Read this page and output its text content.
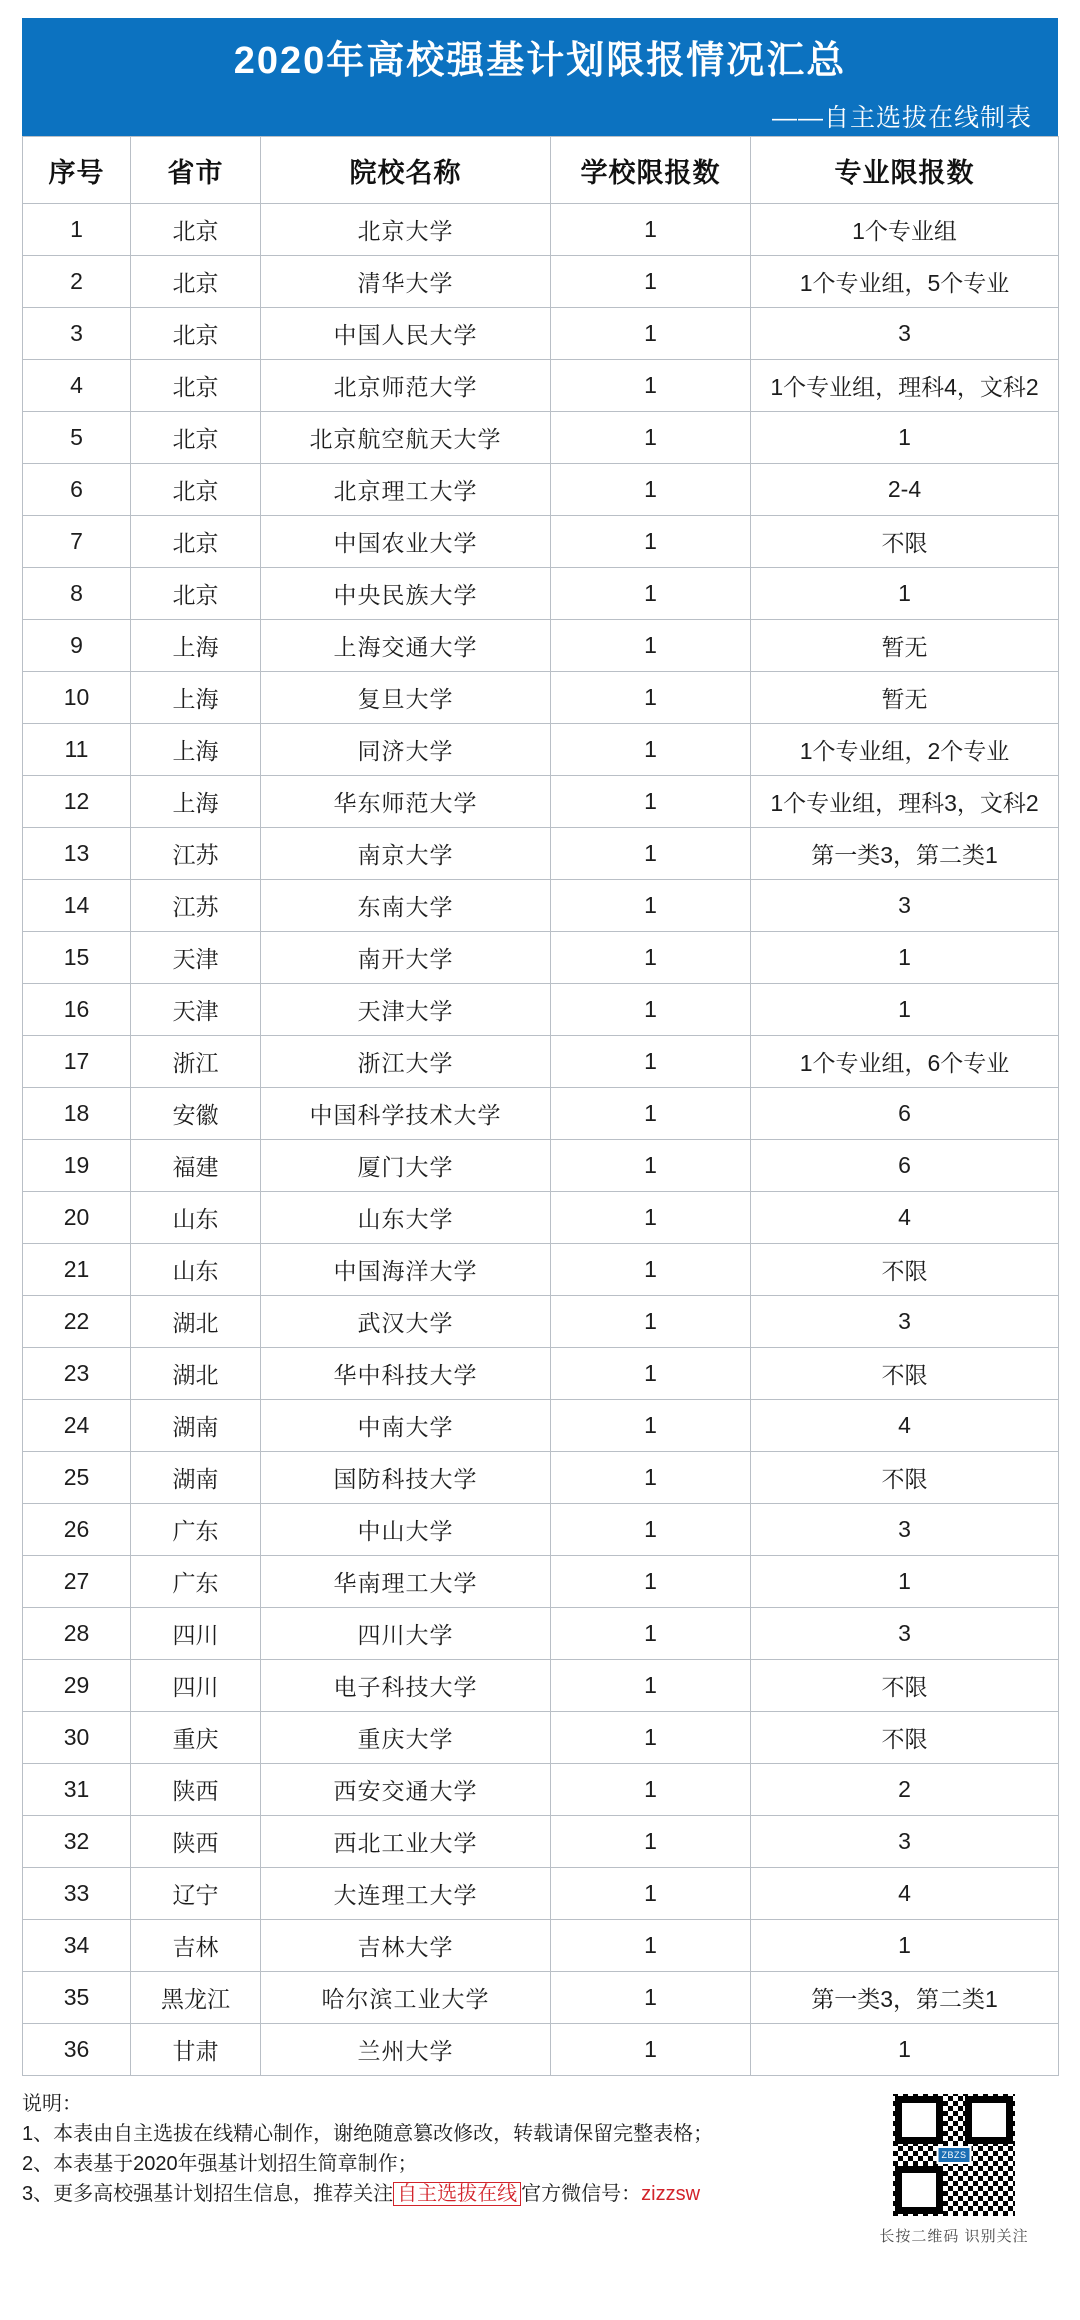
2020年高校强基计划限报情况汇总
——自主选拔在线制表
序号	省市	院校名称	学校限报数	专业限报数
1	北京	北京大学	1	1个专业组
2	北京	清华大学	1	1个专业组，5个专业
3	北京	中国人民大学	1	3
4	北京	北京师范大学	1	1个专业组，理科4，文科2
5	北京	北京航空航天大学	1	1
6	北京	北京理工大学	1	2-4
7	北京	中国农业大学	1	不限
8	北京	中央民族大学	1	1
9	上海	上海交通大学	1	暂无
10	上海	复旦大学	1	暂无
11	上海	同济大学	1	1个专业组，2个专业
12	上海	华东师范大学	1	1个专业组，理科3，文科2
13	江苏	南京大学	1	第一类3，第二类1
14	江苏	东南大学	1	3
15	天津	南开大学	1	1
16	天津	天津大学	1	1
17	浙江	浙江大学	1	1个专业组，6个专业
18	安徽	中国科学技术大学	1	6
19	福建	厦门大学	1	6
20	山东	山东大学	1	4
21	山东	中国海洋大学	1	不限
22	湖北	武汉大学	1	3
23	湖北	华中科技大学	1	不限
24	湖南	中南大学	1	4
25	湖南	国防科技大学	1	不限
26	广东	中山大学	1	3
27	广东	华南理工大学	1	1
28	四川	四川大学	1	3
29	四川	电子科技大学	1	不限
30	重庆	重庆大学	1	不限
31	陕西	西安交通大学	1	2
32	陕西	西北工业大学	1	3
33	辽宁	大连理工大学	1	4
34	吉林	吉林大学	1	1
35	黑龙江	哈尔滨工业大学	1	第一类3，第二类1
36	甘肃	兰州大学	1	1
说明：
1、本表由自主选拔在线精心制作，谢绝随意篡改修改，转载请保留完整表格；
2、本表基于2020年强基计划招生简章制作；
3、更多高校强基计划招生信息，推荐关注 自主选拔在线 官方微信号：zizzsw
ZBZS
长按二维码 识别关注
